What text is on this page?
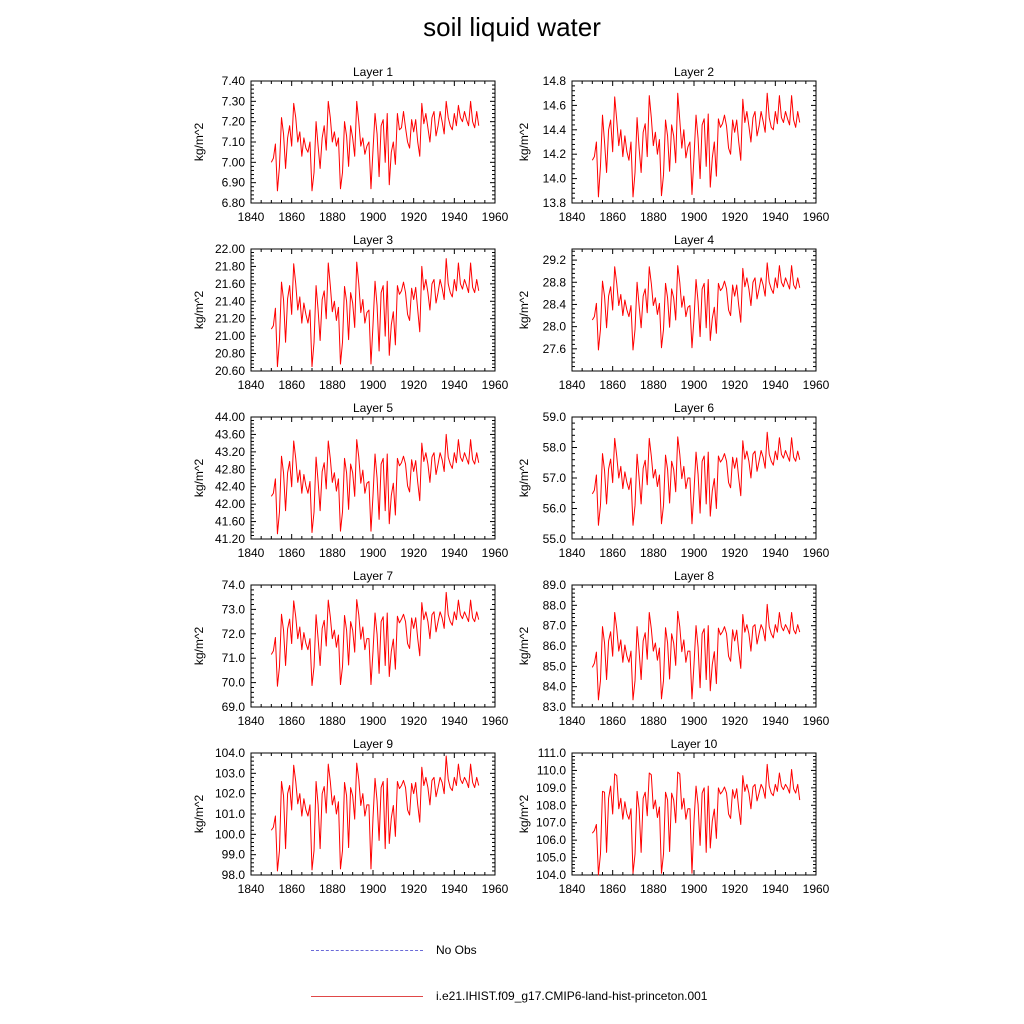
soil liquid water
Layer 1
1840 1860 1880 1900 1920 1940 1960
6.80
6.90
7.00
7.10
7.20
7.30
7.40
kg/m^2
Layer 2
1840 1860 1880 1900 1920 1940 1960
13.8
14.0
14.2
14.4
14.6
14.8
kg/m^2
Layer 3
1840 1860 1880 1900 1920 1940 1960
20.60
20.80
21.00
21.20
21.40
21.60
21.80
22.00
kg/m^2
Layer 4
1840 1860 1880 1900 1920 1940 1960
27.6
28.0
28.4
28.8
29.2
kg/m^2
Layer 5
1840 1860 1880 1900 1920 1940 1960
41.20
41.60
42.00
42.40
42.80
43.20
43.60
44.00
kg/m^2
Layer 6
1840 1860 1880 1900 1920 1940 1960
55.0
56.0
57.0
58.0
59.0
kg/m^2
Layer 7
1840 1860 1880 1900 1920 1940 1960
69.0
70.0
71.0
72.0
73.0
74.0
kg/m^2
Layer 8
1840 1860 1880 1900 1920 1940 1960
83.0
84.0
85.0
86.0
87.0
88.0
89.0
kg/m^2
Layer 9
1840 1860 1880 1900 1920 1940 1960
98.0
99.0
100.0
101.0
102.0
103.0
104.0
kg/m^2
Layer 10
1840 1860 1880 1900 1920 1940 1960
104.0
105.0
106.0
107.0
108.0
109.0
110.0
111.0
kg/m^2
No Obs
i.e21.IHIST.f09_g17.CMIP6-land-hist-princeton.001
